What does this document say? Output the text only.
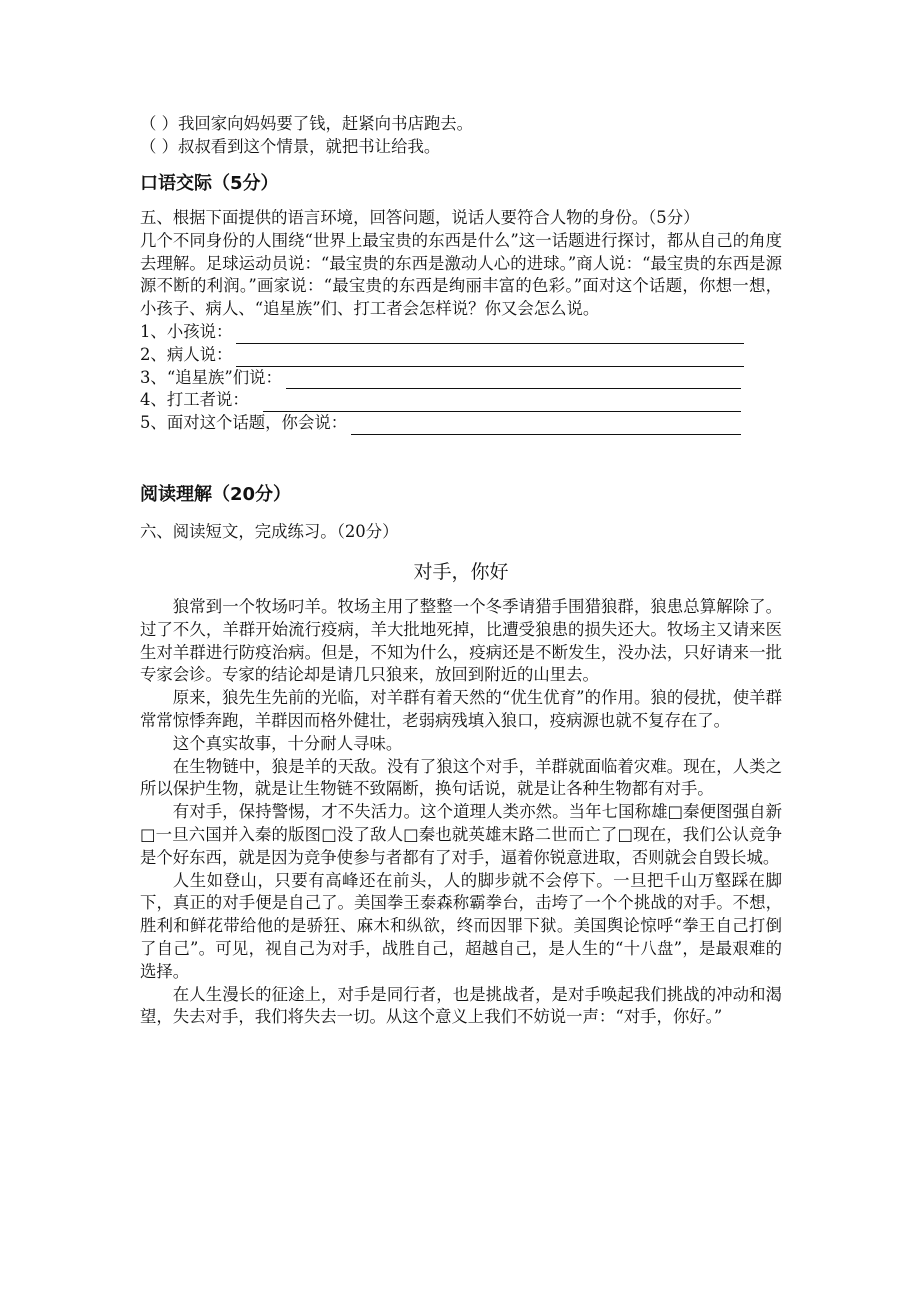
（ ）我回家向妈妈要了钱，赶紧向书店跑去。
（ ）叔叔看到这个情景，就把书让给我。
口语交际（5分）
五、根据下面提供的语言环境，回答问题，说话人要符合人物的身份。（5分）
几个不同身份的人围绕“世界上最宝贵的东西是什么”这一话题进行探讨，都从自己的角度去理解。足球运动员说：“最宝贵的东西是激动人心的进球。”商人说：“最宝贵的东西是源源不断的利润。”画家说：“最宝贵的东西是绚丽丰富的色彩。”面对这个话题，你想一想，小孩子、病人、“追星族”们、打工者会怎样说？你又会怎么说。
1、小孩说：
2、病人说：
3、“追星族”们说：
4、打工者说：
5、面对这个话题，你会说：
阅读理解（20分）
六、阅读短文，完成练习。（20分）
对手，你好
狼常到一个牧场叼羊。牧场主用了整整一个冬季请猎手围猎狼群，狼患总算解除了。过了不久，羊群开始流行疫病，羊大批地死掉，比遭受狼患的损失还大。牧场主又请来医生对羊群进行防疫治病。但是，不知为什么，疫病还是不断发生，没办法，只好请来一批专家会诊。专家的结论却是请几只狼来，放回到附近的山里去。
原来，狼先生先前的光临，对羊群有着天然的“优生优育”的作用。狼的侵扰，使羊群常常惊悸奔跑，羊群因而格外健壮，老弱病残填入狼口，疫病源也就不复存在了。
这个真实故事，十分耐人寻味。
在生物链中，狼是羊的天敌。没有了狼这个对手，羊群就面临着灾难。现在，人类之所以保护生物，就是让生物链不致隔断，换句话说，就是让各种生物都有对手。
有对手，保持警惕，才不失活力。这个道理人类亦然。当年七国称雄□秦便图强自新□一旦六国并入秦的版图□没了敌人□秦也就英雄末路二世而亡了□现在，我们公认竞争是个好东西，就是因为竞争使参与者都有了对手，逼着你锐意进取，否则就会自毁长城。
人生如登山，只要有高峰还在前头，人的脚步就不会停下。一旦把千山万壑踩在脚下，真正的对手便是自己了。美国拳王泰森称霸拳台，击垮了一个个挑战的对手。不想，胜利和鲜花带给他的是骄狂、麻木和纵欲，终而因罪下狱。美国舆论惊呼“拳王自己打倒了自己”。可见，视自己为对手，战胜自己，超越自己，是人生的“十八盘”，是最艰难的选择。
在人生漫长的征途上，对手是同行者，也是挑战者，是对手唤起我们挑战的冲动和渴望，失去对手，我们将失去一切。从这个意义上我们不妨说一声：“对手，你好。”
